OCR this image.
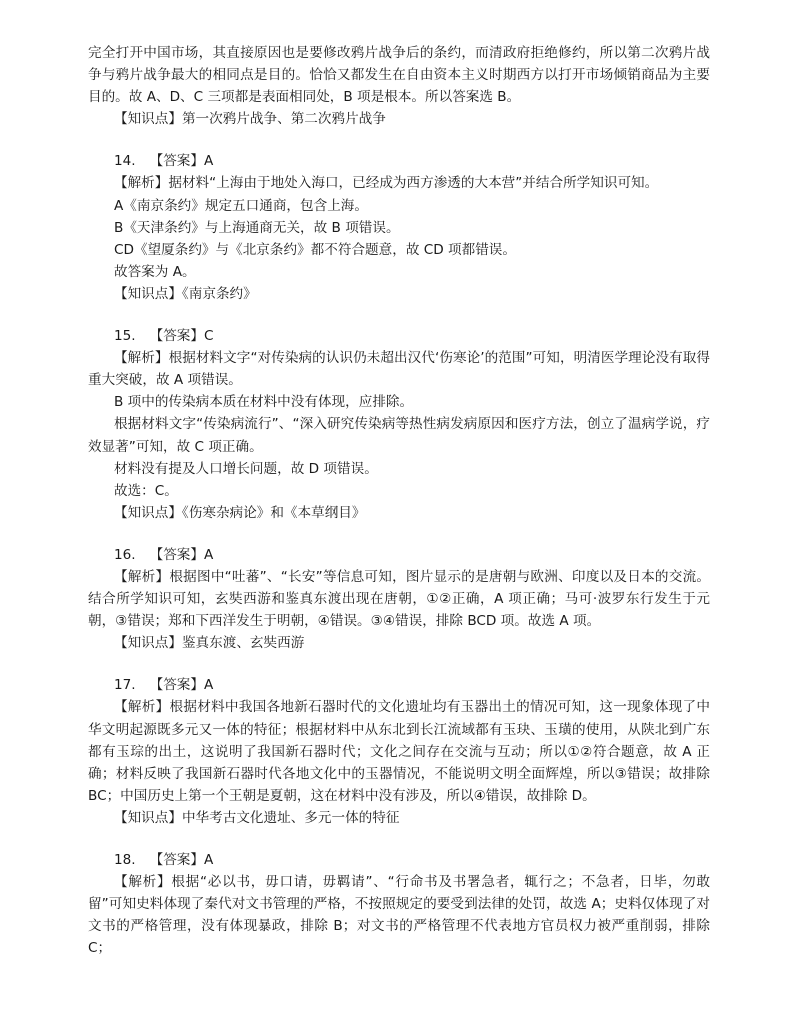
完全打开中国市场，其直接原因也是要修改鸦片战争后的条约，而清政府拒绝修约，所以第二次鸦片战争与鸦片战争最大的相同点是目的。恰恰又都发生在自由资本主义时期西方以打开市场倾销商品为主要目的。故 A、D、C 三项都是表面相同处，B 项是根本。所以答案选 B。

【知识点】第一次鸦片战争、第二次鸦片战争

14. 【答案】A

【解析】据材料“上海由于地处入海口，已经成为西方渗透的大本营”并结合所学知识可知。

A《南京条约》规定五口通商，包含上海。

B《天津条约》与上海通商无关，故 B 项错误。

CD《望厦条约》与《北京条约》都不符合题意，故 CD 项都错误。

故答案为 A。

【知识点】《南京条约》

15. 【答案】C

【解析】根据材料文字“对传染病的认识仍未超出汉代‘伤寒论’的范围”可知，明清医学理论没有取得重大突破，故 A 项错误。

B 项中的传染病本质在材料中没有体现，应排除。

根据材料文字“传染病流行”、“深入研究传染病等热性病发病原因和医疗方法，创立了温病学说，疗效显著”可知，故 C 项正确。

材料没有提及人口增长问题，故 D 项错误。

故选：C。

【知识点】《伤寒杂病论》和《本草纲目》

16. 【答案】A

【解析】根据图中“吐蕃”、“长安”等信息可知，图片显示的是唐朝与欧洲、印度以及日本的交流。结合所学知识可知，玄奘西游和鉴真东渡出现在唐朝，①②正确，A 项正确；马可·波罗东行发生于元朝，③错误；郑和下西洋发生于明朝，④错误。③④错误，排除 BCD 项。故选 A 项。

【知识点】鉴真东渡、玄奘西游

17. 【答案】A

【解析】根据材料中我国各地新石器时代的文化遗址均有玉器出土的情况可知，这一现象体现了中华文明起源既多元又一体的特征；根据材料中从东北到长江流域都有玉玦、玉璜的使用，从陕北到广东都有玉琮的出土，这说明了我国新石器时代；文化之间存在交流与互动；所以①②符合题意，故 A 正确；材料反映了我国新石器时代各地文化中的玉器情况，不能说明文明全面辉煌，所以③错误；故排除 BC；中国历史上第一个王朝是夏朝，这在材料中没有涉及，所以④错误，故排除 D。

【知识点】中华考古文化遗址、多元一体的特征

18. 【答案】A

【解析】根据“必以书，毋口请，毋羁请”、“行命书及书署急者，辄行之；不急者，日毕，勿敢留”可知史料体现了秦代对文书管理的严格，不按照规定的要受到法律的处罚，故选 A；史料仅体现了对文书的严格管理，没有体现暴政，排除 B；对文书的严格管理不代表地方官员权力被严重削弱，排除 C；
